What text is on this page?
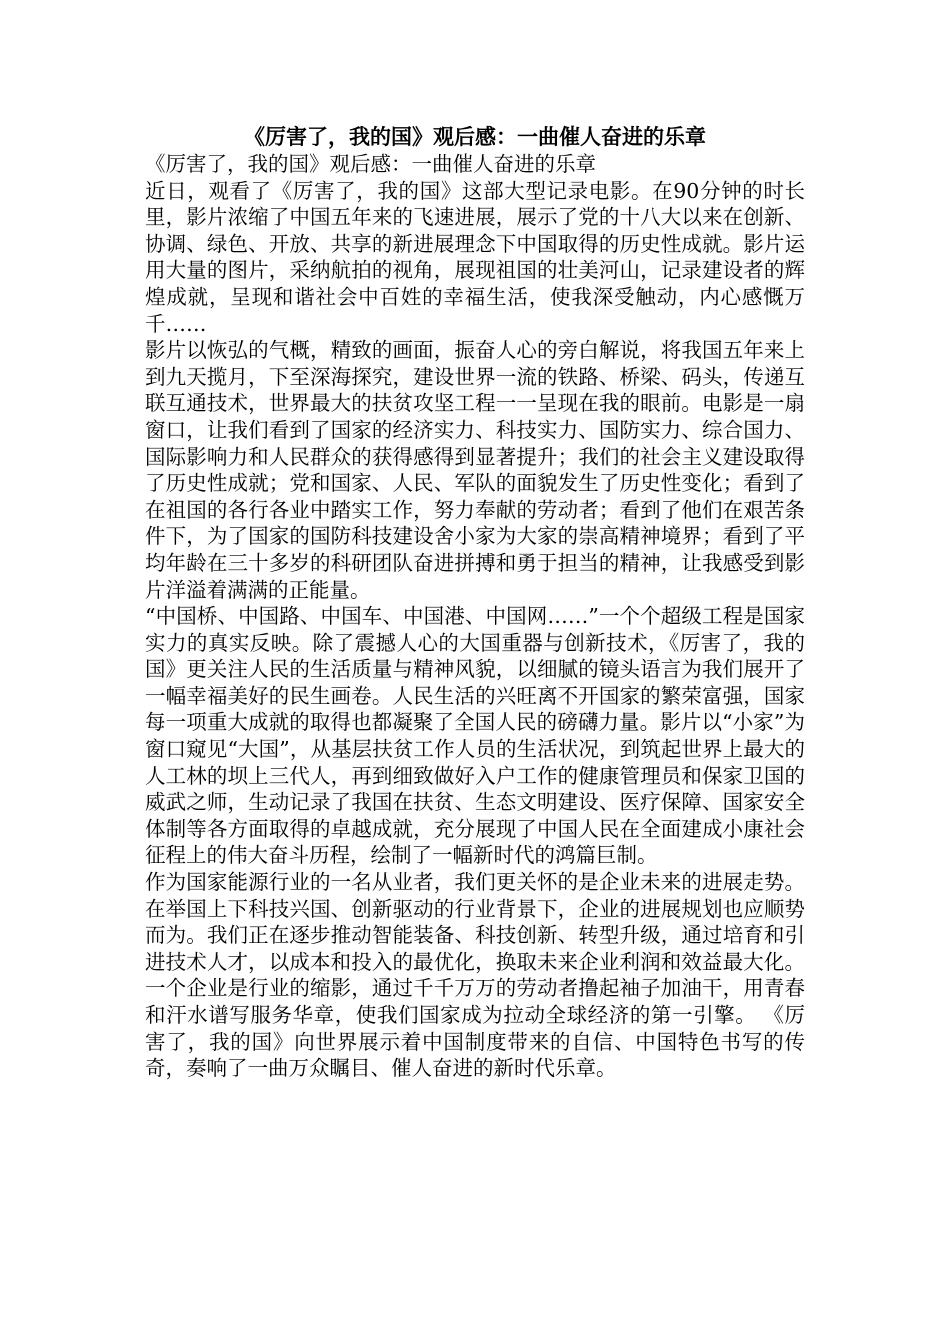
《厉害了，我的国》观后感：一曲催人奋进的乐章

《厉害了，我的国》观后感：一曲催人奋进的乐章

近日，观看了《厉害了，我的国》这部大型记录电影。在90分钟的时长里，影片浓缩了中国五年来的飞速进展，展示了党的十八大以来在创新、协调、绿色、开放、共享的新进展理念下中国取得的历史性成就。影片运用大量的图片，采纳航拍的视角，展现祖国的壮美河山，记录建设者的辉煌成就，呈现和谐社会中百姓的幸福生活，使我深受触动，内心感慨万千……

影片以恢弘的气概，精致的画面，振奋人心的旁白解说，将我国五年来上到九天揽月，下至深海探究，建设世界一流的铁路、桥梁、码头，传递互联互通技术，世界最大的扶贫攻坚工程一一呈现在我的眼前。电影是一扇窗口，让我们看到了国家的经济实力、科技实力、国防实力、综合国力、国际影响力和人民群众的获得感得到显著提升；我们的社会主义建设取得了历史性成就；党和国家、人民、军队的面貌发生了历史性变化；看到了在祖国的各行各业中踏实工作，努力奉献的劳动者；看到了他们在艰苦条件下，为了国家的国防科技建设舍小家为大家的崇高精神境界；看到了平均年龄在三十多岁的科研团队奋进拼搏和勇于担当的精神，让我感受到影片洋溢着满满的正能量。

“中国桥、中国路、中国车、中国港、中国网……”一个个超级工程是国家实力的真实反映。除了震撼人心的大国重器与创新技术，《厉害了，我的国》更关注人民的生活质量与精神风貌，以细腻的镜头语言为我们展开了一幅幸福美好的民生画卷。人民生活的兴旺离不开国家的繁荣富强，国家每一项重大成就的取得也都凝聚了全国人民的磅礴力量。影片以“小家”为窗口窥见“大国”，从基层扶贫工作人员的生活状况，到筑起世界上最大的人工林的坝上三代人，再到细致做好入户工作的健康管理员和保家卫国的威武之师，生动记录了我国在扶贫、生态文明建设、医疗保障、国家安全体制等各方面取得的卓越成就，充分展现了中国人民在全面建成小康社会征程上的伟大奋斗历程，绘制了一幅新时代的鸿篇巨制。

作为国家能源行业的一名从业者，我们更关怀的是企业未来的进展走势。在举国上下科技兴国、创新驱动的行业背景下，企业的进展规划也应顺势而为。我们正在逐步推动智能装备、科技创新、转型升级，通过培育和引进技术人才，以成本和投入的最优化，换取未来企业利润和效益最大化。一个企业是行业的缩影，通过千千万万的劳动者撸起袖子加油干，用青春和汗水谱写服务华章，使我们国家成为拉动全球经济的第一引擎。 《厉害了，我的国》向世界展示着中国制度带来的自信、中国特色书写的传奇，奏响了一曲万众瞩目、催人奋进的新时代乐章。
